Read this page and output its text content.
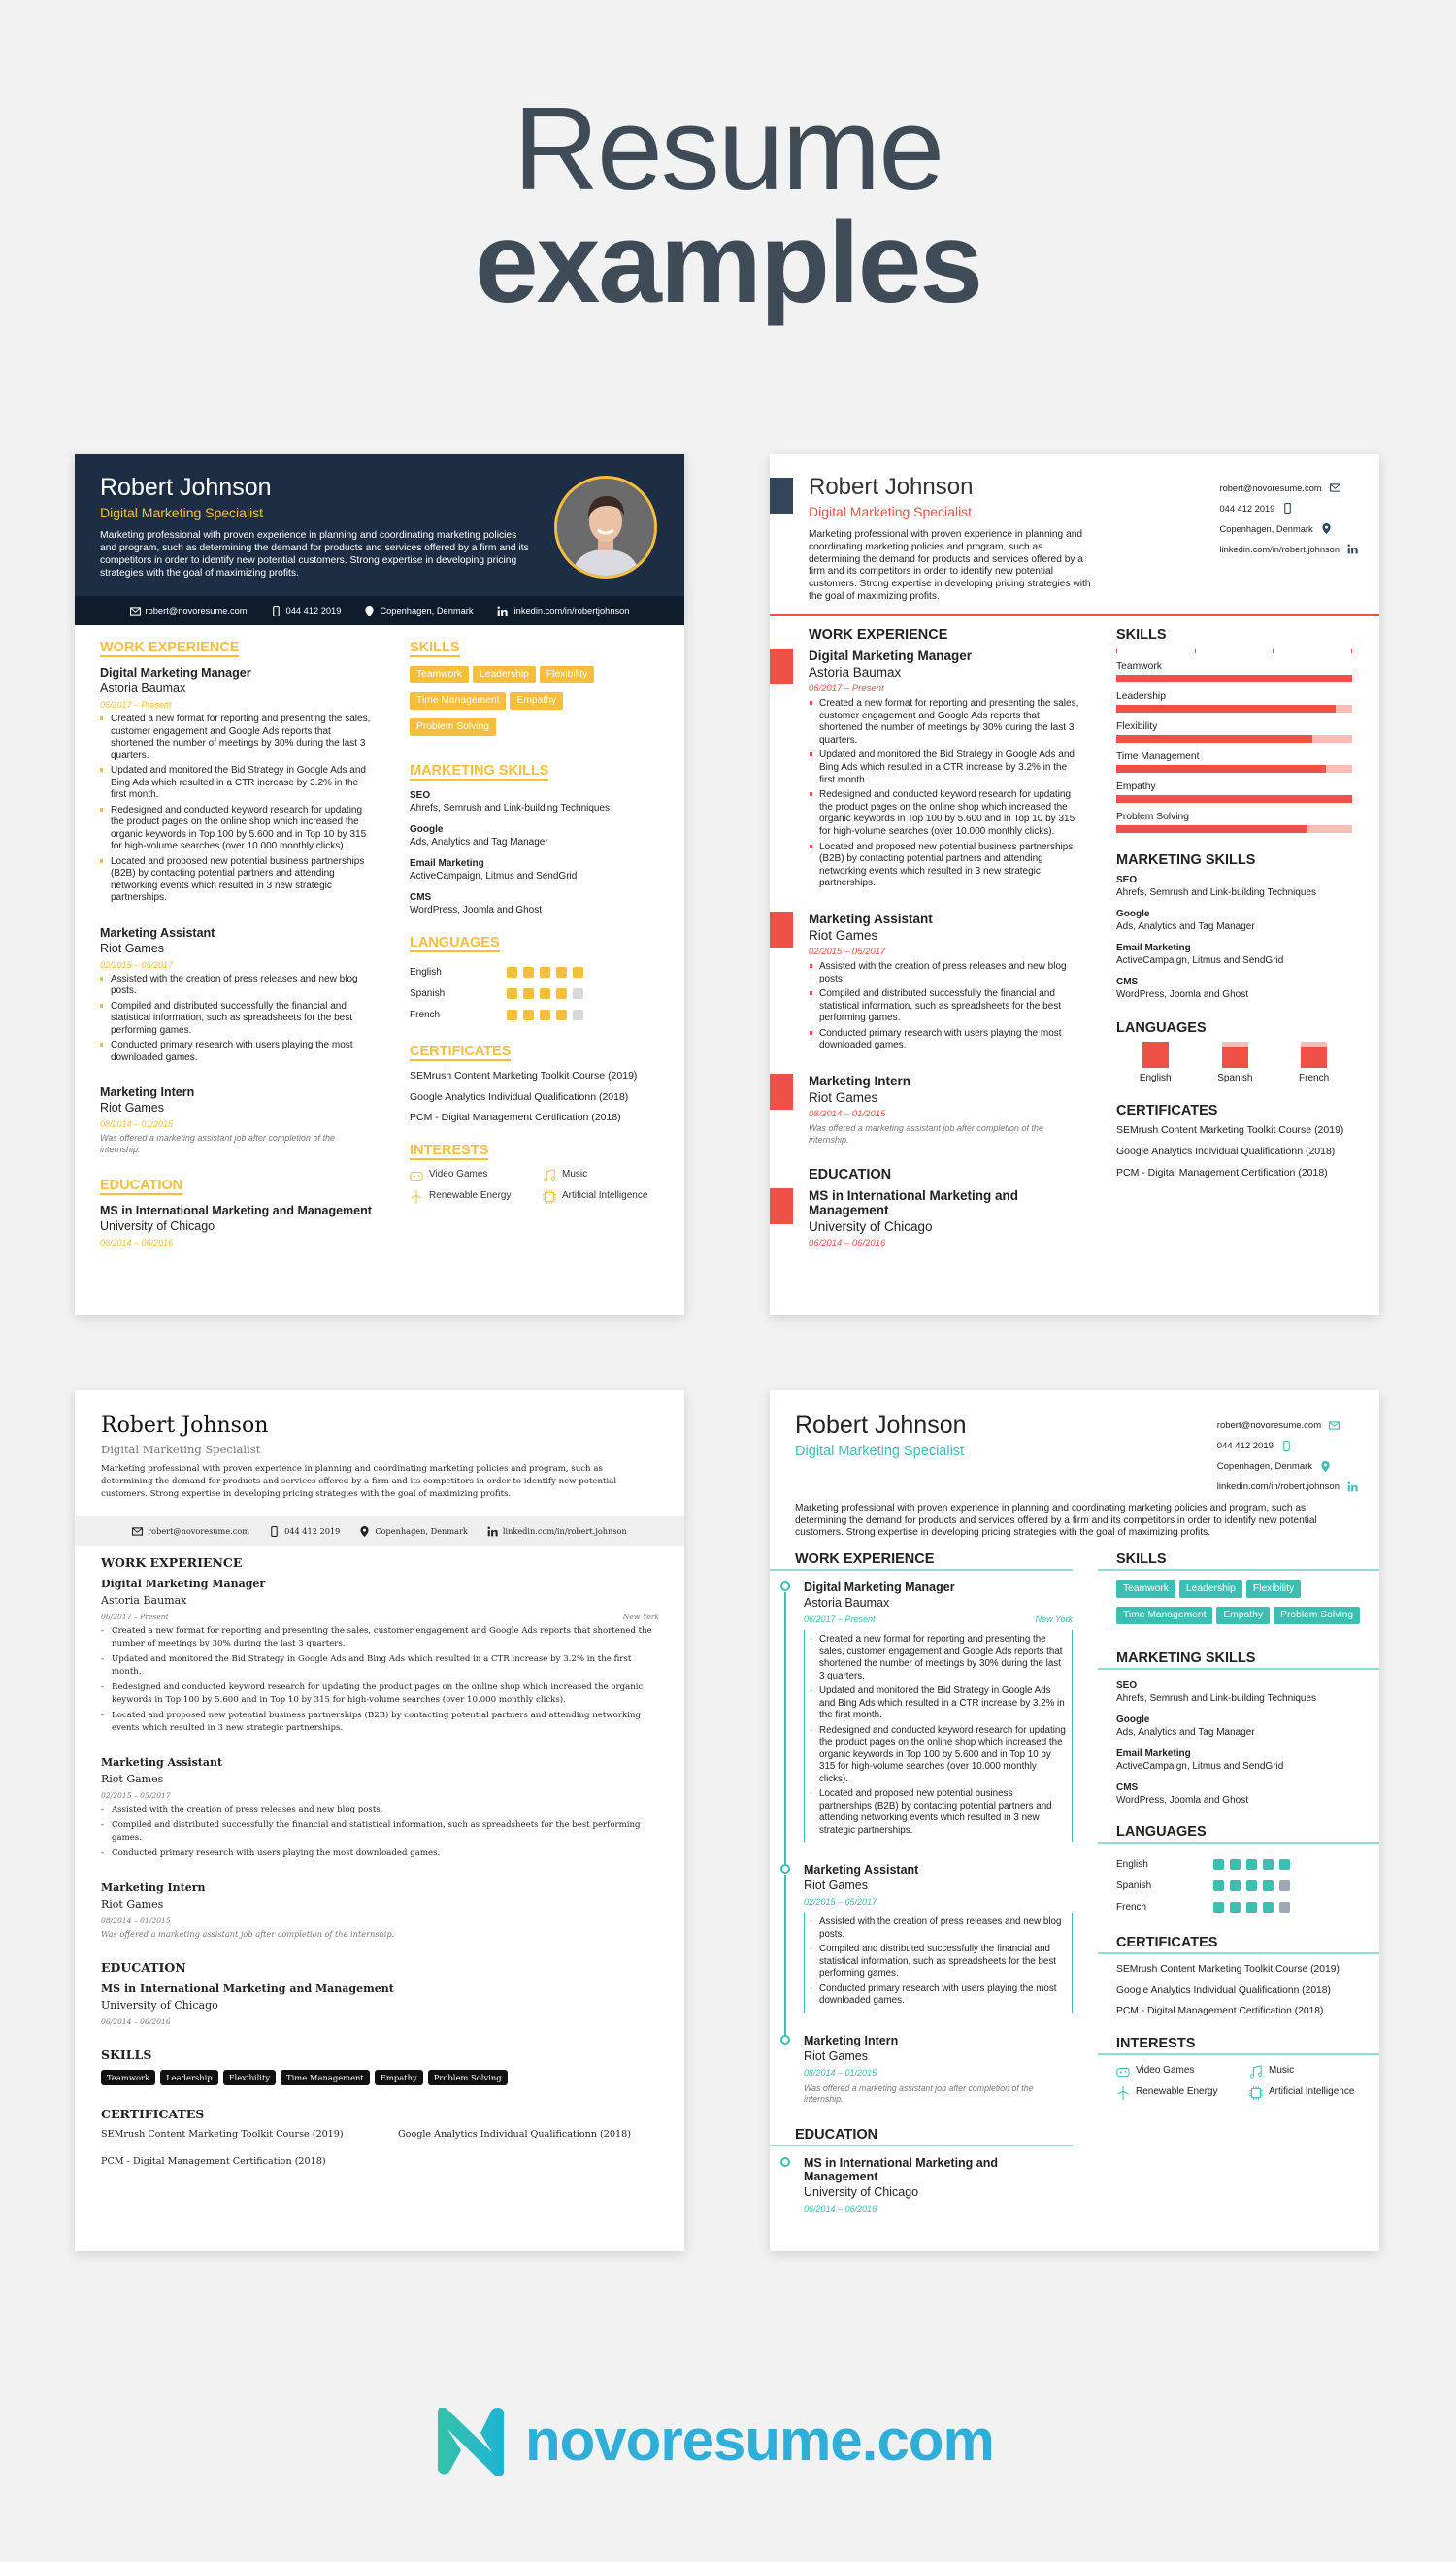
Resume
examples
Robert Johnson
Digital Marketing Specialist
Marketing professional with proven experience in planning and coordinating marketing policies and program, such as determining the demand for products and services offered by a firm and its competitors in order to identify new potential customers. Strong expertise in developing pricing strategies with the goal of maximizing profits.
robert@novoresume.com	044 412 2019	Copenhagen, Denmark	linkedin.com/in/robertjohnson
WORK EXPERIENCE
Digital Marketing Manager
Astoria Baumax
06/2017 – Present
Created a new format for reporting and presenting the sales, customer engagement and Google Ads reports that shortened the number of meetings by 30% during the last 3 quarters.
Updated and monitored the Bid Strategy in Google Ads and Bing Ads which resulted in a CTR increase by 3.2% in the first month.
Redesigned and conducted keyword research for updating the product pages on the online shop which increased the organic keywords in Top 100 by 5.600 and in Top 10 by 315 for high-volume searches (over 10.000 monthly clicks).
Located and proposed new potential business partnerships (B2B) by contacting potential partners and attending networking events which resulted in 3 new strategic partnerships.
Marketing Assistant
Riot Games
02/2015 – 05/2017
Assisted with the creation of press releases and new blog posts.
Compiled and distributed successfully the financial and statistical information, such as spreadsheets for the best performing games.
Conducted primary research with users playing the most downloaded games.
Marketing Intern
Riot Games
08/2014 – 01/2015
Was offered a marketing assistant job after completion of the internship.
EDUCATION
MS in International Marketing and Management
University of Chicago
06/2014 – 06/2016
SKILLS
Teamwork	Leadership	Flexibility
Time Management	Empathy
Problem Solving
MARKETING SKILLS
SEO
Ahrefs, Semrush and Link-building Techniques
Google
Ads, Analytics and Tag Manager
Email Marketing
ActiveCampaign, Litmus and SendGrid
CMS
WordPress, Joomla and Ghost
LANGUAGES
English
Spanish
French
CERTIFICATES
SEMrush Content Marketing Toolkit Course (2019)
Google Analytics Individual Qualificationn (2018)
PCM - Digital Management Certification (2018)
INTERESTS
Video Games	Music
Renewable Energy	Artificial Intelligence
Robert Johnson
Digital Marketing Specialist
Marketing professional with proven experience in planning and coordinating marketing policies and program, such as determining the demand for products and services offered by a firm and its competitors in order to identify new potential customers. Strong expertise in developing pricing strategies with the goal of maximizing profits.
robert@novoresume.com
044 412 2019
Copenhagen, Denmark
linkedin.com/in/robert.johnson
WORK EXPERIENCE
Digital Marketing Manager
Astoria Baumax
06/2017 – Present
Created a new format for reporting and presenting the sales, customer engagement and Google Ads reports that shortened the number of meetings by 30% during the last 3 quarters.
Updated and monitored the Bid Strategy in Google Ads and Bing Ads which resulted in a CTR increase by 3.2% in the first month.
Redesigned and conducted keyword research for updating the product pages on the online shop which increased the organic keywords in Top 100 by 5.600 and in Top 10 by 315 for high-volume searches (over 10.000 monthly clicks).
Located and proposed new potential business partnerships (B2B) by contacting potential partners and attending networking events which resulted in 3 new strategic partnerships.
Marketing Assistant
Riot Games
02/2015 – 05/2017
Assisted with the creation of press releases and new blog posts.
Compiled and distributed successfully the financial and statistical information, such as spreadsheets for the best performing games.
Conducted primary research with users playing the most downloaded games.
Marketing Intern
Riot Games
08/2014 – 01/2015
Was offered a marketing assistant job after completion of the internship.
EDUCATION
MS in International Marketing and Management
University of Chicago
06/2014 – 06/2016
SKILLS
Teamwork
Leadership
Flexibility
Time Management
Empathy
Problem Solving
MARKETING SKILLS
SEO
Ahrefs, Semrush and Link-building Techniques
Google
Ads, Analytics and Tag Manager
Email Marketing
ActiveCampaign, Litmus and SendGrid
CMS
WordPress, Joomla and Ghost
LANGUAGES
English	Spanish	French
CERTIFICATES
SEMrush Content Marketing Toolkit Course (2019)
Google Analytics Individual Qualificationn (2018)
PCM - Digital Management Certification (2018)
Robert Johnson
Digital Marketing Specialist
Marketing professional with proven experience in planning and coordinating marketing policies and program, such as determining the demand for products and services offered by a firm and its competitors in order to identify new potential customers. Strong expertise in developing pricing strategies with the goal of maximizing profits.
robert@novoresume.com	044 412 2019	Copenhagen, Denmark	linkedin.com/in/robert.johnson
WORK EXPERIENCE
Digital Marketing Manager
Astoria Baumax
06/2017 – Present	New York
- Created a new format for reporting and presenting the sales, customer engagement and Google Ads reports that shortened the number of meetings by 30% during the last 3 quarters.
- Updated and monitored the Bid Strategy in Google Ads and Bing Ads which resulted in a CTR increase by 3.2% in the first month.
- Redesigned and conducted keyword research for updating the product pages on the online shop which increased the organic keywords in Top 100 by 5.600 and in Top 10 by 315 for high-volume searches (over 10.000 monthly clicks).
- Located and proposed new potential business partnerships (B2B) by contacting potential partners and attending networking events which resulted in 3 new strategic partnerships.
Marketing Assistant
Riot Games
02/2015 – 05/2017
- Assisted with the creation of press releases and new blog posts.
- Compiled and distributed successfully the financial and statistical information, such as spreadsheets for the best performing games.
- Conducted primary research with users playing the most downloaded games.
Marketing Intern
Riot Games
08/2014 – 01/2015
Was offered a marketing assistant job after completion of the internship.
EDUCATION
MS in International Marketing and Management
University of Chicago
06/2014 – 06/2016
SKILLS
Teamwork	Leadership	Flexibility	Time Management	Empathy	Problem Solving
CERTIFICATES
SEMrush Content Marketing Toolkit Course (2019)	Google Analytics Individual Qualificationn (2018)
PCM - Digital Management Certification (2018)
Robert Johnson
Digital Marketing Specialist
Marketing professional with proven experience in planning and coordinating marketing policies and program, such as determining the demand for products and services offered by a firm and its competitors in order to identify new potential customers. Strong expertise in developing pricing strategies with the goal of maximizing profits.
robert@novoresume.com
044 412 2019
Copenhagen, Denmark
linkedin.com/in/robert.johnson
WORK EXPERIENCE
Digital Marketing Manager
Astoria Baumax
06/2017 – Present	New York
- Created a new format for reporting and presenting the sales, customer engagement and Google Ads reports that shortened the number of meetings by 30% during the last 3 quarters.
- Updated and monitored the Bid Strategy in Google Ads and Bing Ads which resulted in a CTR increase by 3.2% in the first month.
- Redesigned and conducted keyword research for updating the product pages on the online shop which increased the organic keywords in Top 100 by 5.600 and in Top 10 by 315 for high-volume searches (over 10.000 monthly clicks).
- Located and proposed new potential business partnerships (B2B) by contacting potential partners and attending networking events which resulted in 3 new strategic partnerships.
Marketing Assistant
Riot Games
02/2015 – 05/2017
- Assisted with the creation of press releases and new blog posts.
- Compiled and distributed successfully the financial and statistical information, such as spreadsheets for the best performing games.
- Conducted primary research with users playing the most downloaded games.
Marketing Intern
Riot Games
08/2014 – 01/2015
Was offered a marketing assistant job after completion of the internship.
EDUCATION
MS in International Marketing and Management
University of Chicago
06/2014 – 06/2016
SKILLS
Teamwork	Leadership	Flexibility
Time Management	Empathy	Problem Solving
MARKETING SKILLS
SEO
Ahrefs, Semrush and Link-building Techniques
Google
Ads, Analytics and Tag Manager
Email Marketing
ActiveCampaign, Litmus and SendGrid
CMS
WordPress, Joomla and Ghost
LANGUAGES
English
Spanish
French
CERTIFICATES
SEMrush Content Marketing Toolkit Course (2019)
Google Analytics Individual Qualificationn (2018)
PCM - Digital Management Certification (2018)
INTERESTS
Video Games	Music
Renewable Energy	Artificial Intelligence
novoresume.com
